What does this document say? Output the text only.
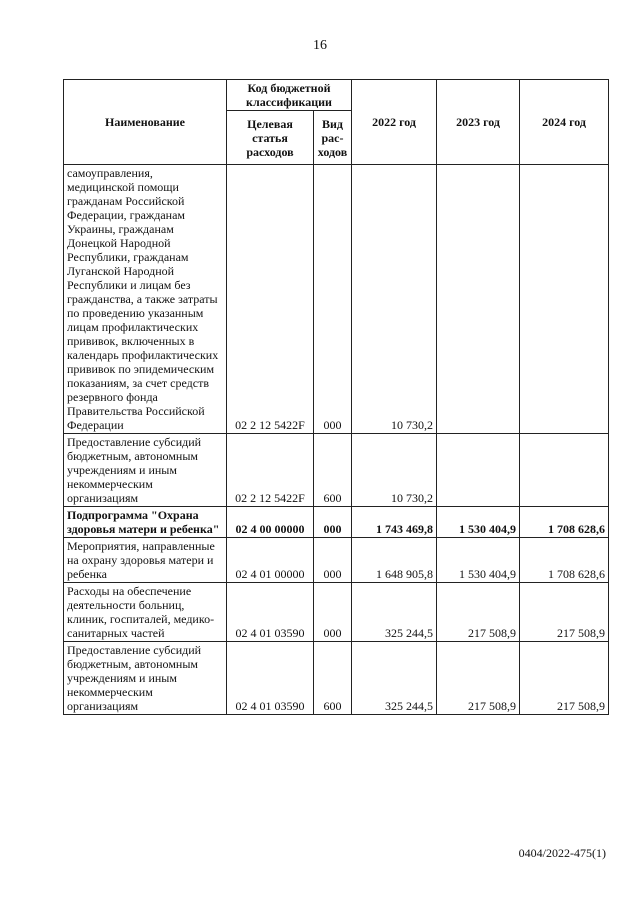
16
Наименование	Код бюджетной классификации		2022 год	2023 год	2024 год
	Целевая статья расходов	Вид рас-ходов			
самоуправления, медицинской помощи гражданам Российской Федерации, гражданам Украины, гражданам Донецкой Народной Республики, гражданам Луганской Народной Республики и лицам без гражданства, а также затраты по проведению указанным лицам профилактических прививок, включенных в календарь профилактических прививок по эпидемическим показаниям, за счет средств резервного фонда Правительства Российской Федерации	02 2 12 5422F	000	10 730,2		
Предоставление субсидий бюджетным, автономным учреждениям и иным некоммерческим организациям	02 2 12 5422F	600	10 730,2		
Подпрограмма "Охрана здоровья матери и ребенка"	02 4 00 00000	000	1 743 469,8	1 530 404,9	1 708 628,6
Мероприятия, направленные на охрану здоровья матери и ребенка	02 4 01 00000	000	1 648 905,8	1 530 404,9	1 708 628,6
Расходы на обеспечение деятельности больниц, клиник, госпиталей, медико-санитарных частей	02 4 01 03590	000	325 244,5	217 508,9	217 508,9
Предоставление субсидий бюджетным, автономным учреждениям и иным некоммерческим организациям	02 4 01 03590	600	325 244,5	217 508,9	217 508,9
0404/2022-475(1)
